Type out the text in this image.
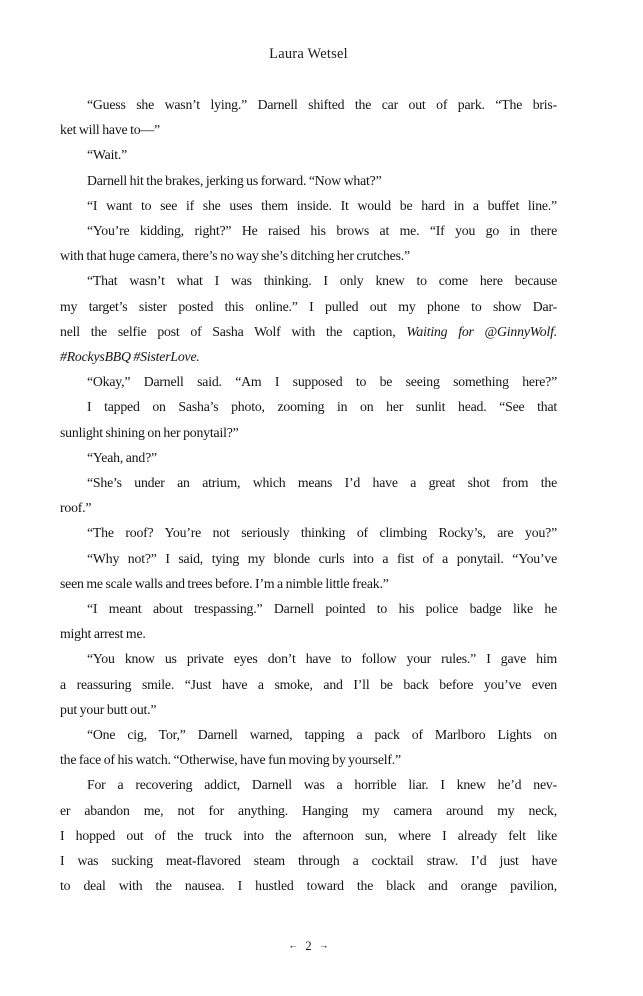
Laura Wetsel
“Guess she wasn’t lying.” Darnell shifted the car out of park. “The bris-
ket will have to—”
“Wait.”
Darnell hit the brakes, jerking us forward. “Now what?”
“I want to see if she uses them inside. It would be hard in a buffet line.”
“You’re kidding, right?” He raised his brows at me. “If you go in there
with that huge camera, there’s no way she’s ditching her crutches.”
“That wasn’t what I was thinking. I only knew to come here because
my target’s sister posted this online.” I pulled out my phone to show Dar-
nell the selfie post of Sasha Wolf with the caption, Waiting for @GinnyWolf.
#RockysBBQ #SisterLove.
“Okay,” Darnell said. “Am I supposed to be seeing something here?”
I tapped on Sasha’s photo, zooming in on her sunlit head. “See that
sunlight shining on her ponytail?”
“Yeah, and?”
“She’s under an atrium, which means I’d have a great shot from the
roof.”
“The roof? You’re not seriously thinking of climbing Rocky’s, are you?”
“Why not?” I said, tying my blonde curls into a fist of a ponytail. “You’ve
seen me scale walls and trees before. I’m a nimble little freak.”
“I meant about trespassing.” Darnell pointed to his police badge like he
might arrest me.
“You know us private eyes don’t have to follow your rules.” I gave him
a reassuring smile. “Just have a smoke, and I’ll be back before you’ve even
put your butt out.”
“One cig, Tor,” Darnell warned, tapping a pack of Marlboro Lights on
the face of his watch. “Otherwise, have fun moving by yourself.”
For a recovering addict, Darnell was a horrible liar. I knew he’d nev-
er abandon me, not for anything. Hanging my camera around my neck,
I hopped out of the truck into the afternoon sun, where I already felt like
I was sucking meat-flavored steam through a cocktail straw. I’d just have
to deal with the nausea. I hustled toward the black and orange pavilion,
← 2 →
